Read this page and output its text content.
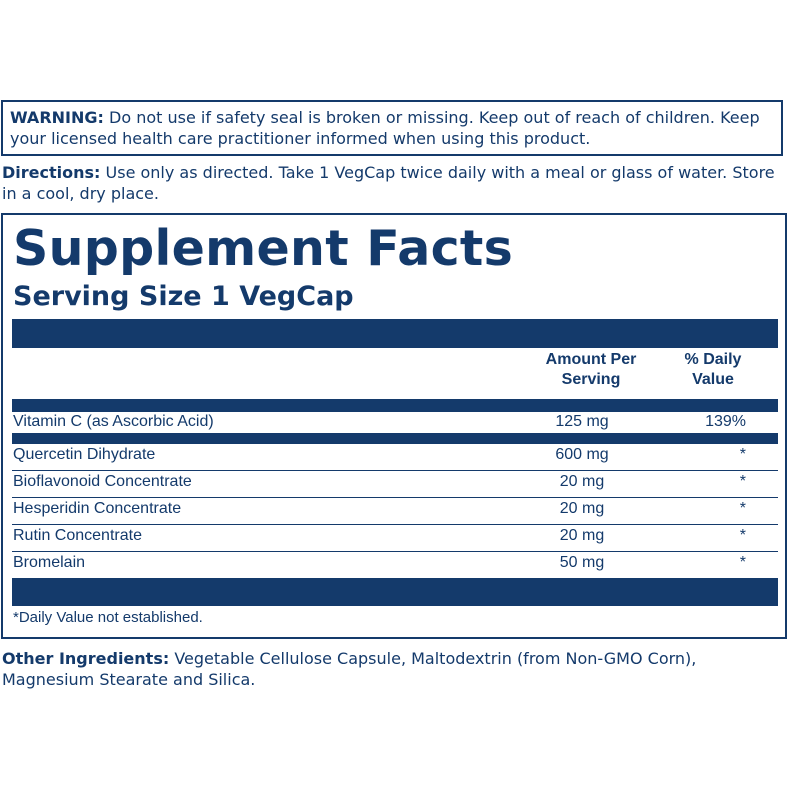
WARNING: Do not use if safety seal is broken or missing. Keep out of reach of children. Keep your licensed health care practitioner informed when using this product.
Directions: Use only as directed. Take 1 VegCap twice daily with a meal or glass of water. Store in a cool, dry place.
Supplement Facts
Serving Size 1 VegCap
Amount Per
Serving
% Daily
Value
Vitamin C (as Ascorbic Acid)	125 mg	139%
Quercetin Dihydrate	600 mg	*
Bioflavonoid Concentrate	20 mg	*
Hesperidin Concentrate	20 mg	*
Rutin Concentrate	20 mg	*
Bromelain	50 mg	*
*Daily Value not established.
Other Ingredients: Vegetable Cellulose Capsule, Maltodextrin (from Non-GMO Corn), Magnesium Stearate and Silica.
